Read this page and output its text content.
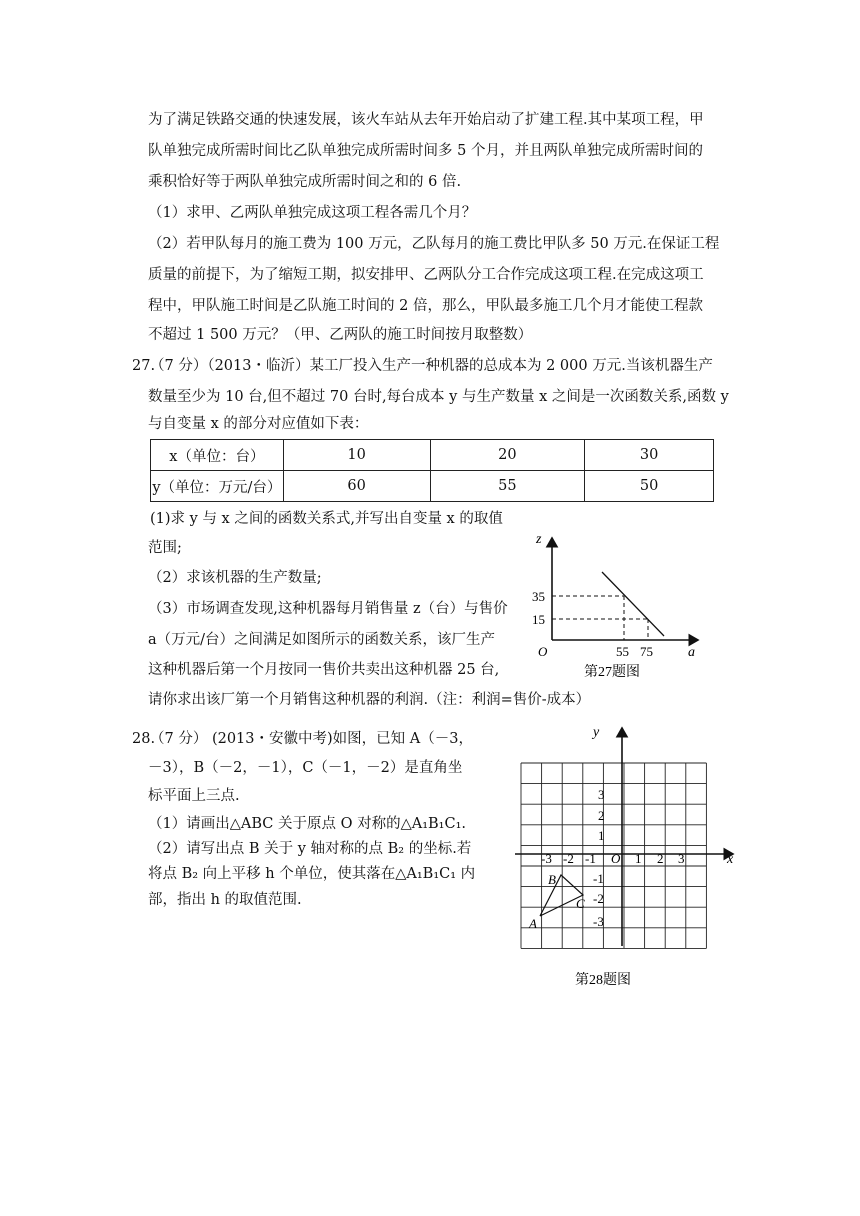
为了满足铁路交通的快速发展，该火车站从去年开始启动了扩建工程.其中某项工程，甲
队单独完成所需时间比乙队单独完成所需时间多 5 个月，并且两队单独完成所需时间的
乘积恰好等于两队单独完成所需时间之和的 6 倍.
（1）求甲、乙两队单独完成这项工程各需几个月？
（2）若甲队每月的施工费为 100 万元，乙队每月的施工费比甲队多 50 万元.在保证工程
质量的前提下，为了缩短工期，拟安排甲、乙两队分工合作完成这项工程.在完成这项工
程中，甲队施工时间是乙队施工时间的 2 倍，那么，甲队最多施工几个月才能使工程款
不超过 1 500 万元？（甲、乙两队的施工时间按月取整数）
27.
（7 分）（2013・临沂）某工厂投入生产一种机器的总成本为 2 000 万元.当该机器生产
数量至少为 10 台,但不超过 70 台时,每台成本 y 与生产数量 x 之间是一次函数关系,函数 y
与自变量 x 的部分对应值如下表：
x（单位：台）	10	20	30
y（单位：万元/台）	60	55	50
(1)求 y 与 x 之间的函数关系式,并写出自变量 x 的取值
范围;
（2）求该机器的生产数量;
（3）市场调查发现,这种机器每月销售量 z（台）与售价
a（万元/台）之间满足如图所示的函数关系，该厂生产
这种机器后第一个月按同一售价共卖出这种机器 25 台,
请你求出该厂第一个月销售这种机器的利润.（注：利润=售价-成本）
z
a
O
35
15
55 75
第27题图
28.
（7 分） (2013・安徽中考)如图，已知 A（－3，
－3），B（－2，－1），C（－1，－2）是直角坐
标平面上三点.
（1）请画出△ABC 关于原点 O 对称的△A₁B₁C₁.
（2）请写出点 B 关于 y 轴对称的点 B₂ 的坐标.若
将点 B₂ 向上平移 h 个单位，使其落在△A₁B₁C₁ 内
部，指出 h 的取值范围.
y
x
O
-3 -2 -1	1 2 3
3
2
1
-1
-2
-3
A
B
C
第28题图
